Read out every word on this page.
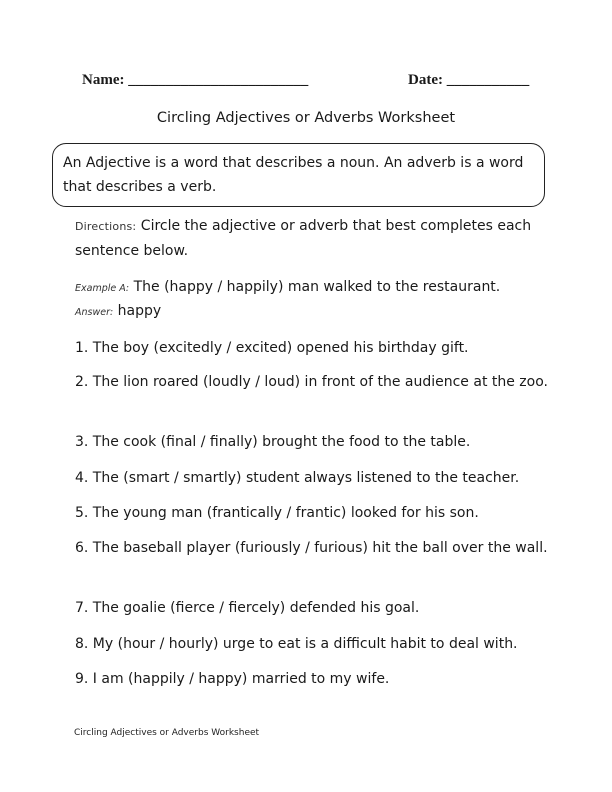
Name: ________________________	Date: ___________
Circling Adjectives or Adverbs Worksheet
An Adjective is a word that describes a noun. An adverb is a word that describes a verb.
Directions: Circle the adjective or adverb that best completes each sentence below.
Example A: The (happy / happily) man walked to the restaurant.
Answer: happy
1. The boy (excitedly / excited) opened his birthday gift.
2. The lion roared (loudly / loud) in front of the audience at the zoo.
3. The cook (final / finally) brought the food to the table.
4. The (smart / smartly) student always listened to the teacher.
5. The young man (frantically / frantic) looked for his son.
6. The baseball player (furiously / furious) hit the ball over the wall.
7. The goalie (fierce / fiercely) defended his goal.
8. My (hour / hourly) urge to eat is a difficult habit to deal with.
9. I am (happily / happy) married to my wife.
Circling Adjectives or Adverbs Worksheet
